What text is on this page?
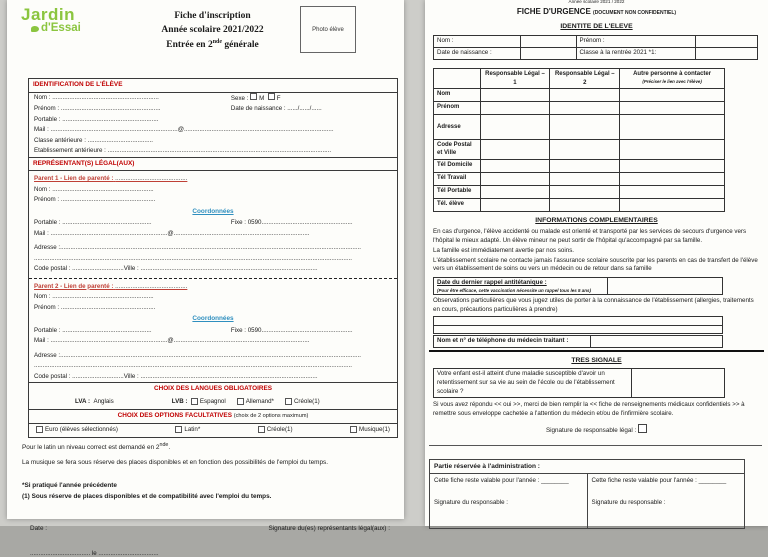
Jardin
d'Essai
Fiche d'inscription
Année scolaire 2021/2022
Entrée en 2nde générale
Photo élève
IDENTIFICATION DE L'ÉLÈVE
Nom : ..............................................................	Sexe : M F
Prénom : ..........................................................	Date de naissance : ....../....../......
Portable : ........................................................
Mail : ..........................................................................@.......................................................................................
Classe antérieure : ......................................
Etablissement antérieure : ..................................................................................................................................
REPRÉSENTANT(S) LÉGAL(AUX)
Parent 1 - Lien de parenté : ..........................................
Nom : ...........................................................
Prénom : .......................................................
Coordonnées
Portable : ....................................................	Fixe : 0590.....................................................
Mail : ....................................................................@...............................................................................
Adresse :...............................................................................................................................................................................
.........................................................................................................................................................................................
Code postal : ..............................Ville : .......................................................................................................
Parent 2 - Lien de parenté : ..........................................
Nom : ...........................................................
Prénom : .......................................................
Coordonnées
Portable : ....................................................	Fixe : 0590.....................................................
Mail : ....................................................................@...............................................................................
Adresse :...............................................................................................................................................................................
.........................................................................................................................................................................................
Code postal : ..............................Ville : .......................................................................................................
CHOIX DES LANGUES OBLIGATOIRES
LVA :
Anglais	LVB :
Espagnol	Allemand*	Créole(1)
CHOIX DES OPTIONS FACULTATIVES (choix de 2 options maximum)
Euro (élèves sélectionnés)	Latin*	Créole(1)	Musique(1)
Pour le latin un niveau correct est demandé en 2nde.
La musique se fera sous réserve des places disponibles et en fonction des possibilités de l'emploi du temps.
*Si pratiqué l'année précédente
(1) Sous réserve de places disponibles et de compatibilité avec l'emploi du temps.
Date :	Signature du(es) représentants légal(aux) :
................................... le ...................................
Année scolaire 2021 / 2022
FICHE D'URGENCE (DOCUMENT NON CONFIDENTIEL)
IDENTITE DE L'ELEVE
Nom :		Prénom :	
Date de naissance :		Classe à la rentrée 2021 *1:	
	Responsable Légal – 1	Responsable Légal – 2	Autre personne à contacter
(Préciser le lien avec l'élève)

Nom			
Prénom			
Adresse			
Code Postal et Ville			
Tél Domicile			
Tél Travail			
Tél Portable			
Tél. élève			
INFORMATIONS COMPLEMENTAIRES
En cas d'urgence, l'élève accidenté ou malade est orienté et transporté par les services de secours d'urgence vers l'hôpital le mieux adapté. Un élève mineur ne peut sortir de l'hôpital qu'accompagné par sa famille.
La famille est immédiatement avertie par nos soins.
L'établissement scolaire ne contacte jamais l'assurance scolaire souscrite par les parents en cas de transfert de l'élève vers un établissement de soins ou vers un médecin ou de retour dans sa famille
Date du dernier rappel antitétanique :
(Pour être efficace, cette vaccination nécessite un rappel tous les 5 ans)
Observations particulières que vous jugez utiles de porter à la connaissance de l'établissement (allergies, traitements en cours, précautions particulières à prendre)
Nom et n° de téléphone du médecin traitant :
TRES SIGNALE
Votre enfant est-il atteint d'une maladie susceptible d'avoir un retentissement sur sa vie au sein de l'école ou de l'établissement scolaire ?
Si vous avez répondu << oui >>, merci de bien remplir la << fiche de renseignements médicaux confidentiels >> à remettre sous enveloppe cachetée a l'attention du médecin et/ou de l'infirmière scolaire.
Signature de responsable légal :
Partie réservée à l'administration :
Cette fiche reste valable pour l'année : ________
Signature du responsable :
Cette fiche reste valable pour l'année : ________
Signature du responsable :
